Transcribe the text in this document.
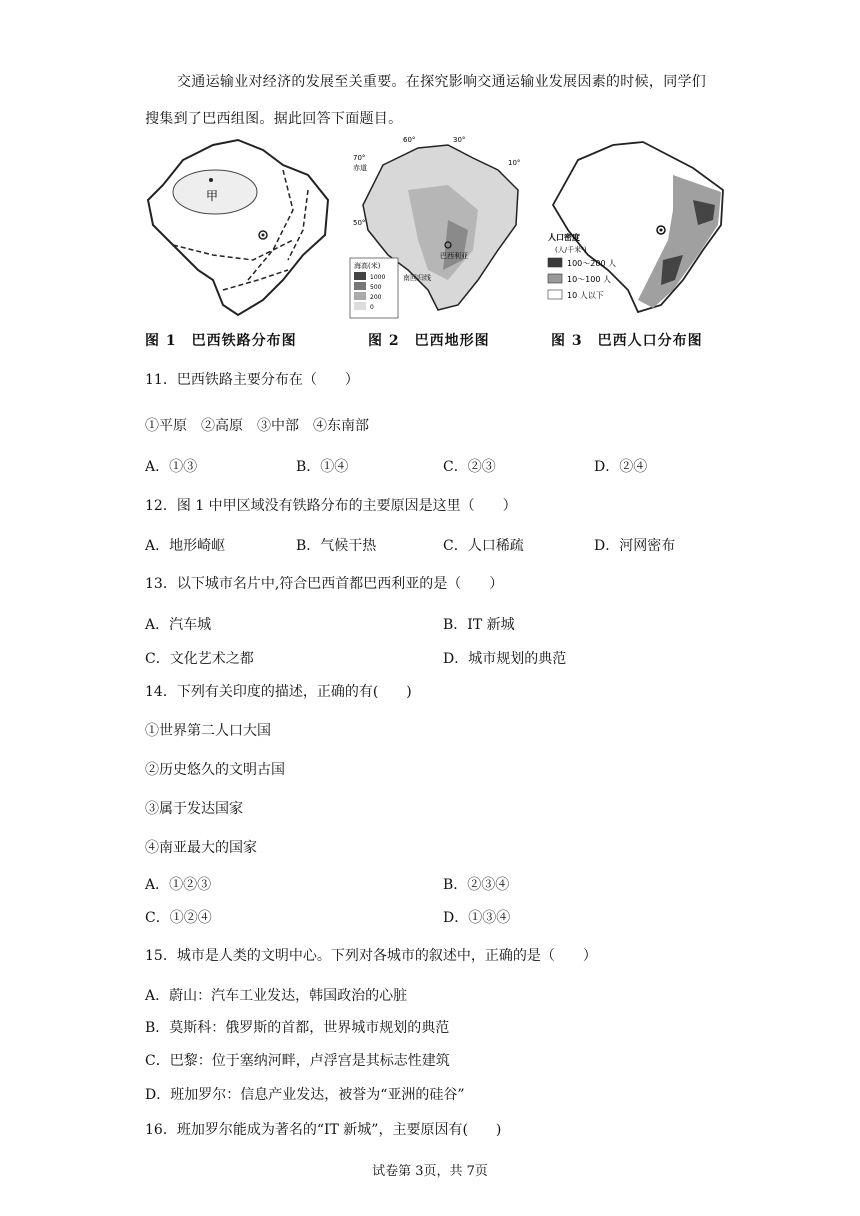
交通运输业对经济的发展至关重要。在探究影响交通运输业发展因素的时候，同学们搜集到了巴西组图。据此回答下面题目。
甲
图 1　巴西铁路分布图
60°	30°
赤道
70°
10°
50°
巴西利亚
南回归线
海高(米)
1000
500
200
0
图 2　巴西地形图
人口密度
(人/千米²)
100～200 人
10～100 人
10 人以下
图 3　巴西人口分布图
11．巴西铁路主要分布在（　　）
①平原　②高原　③中部　④东南部
A．①③	B．①④	C．②③	D．②④
12．图 1 中甲区域没有铁路分布的主要原因是这里（　　）
A．地形崎岖	B．气候干热	C．人口稀疏	D．河网密布
13．以下城市名片中,符合巴西首都巴西利亚的是（　　）
A．汽车城	B．IT 新城
C．文化艺术之都	D．城市规划的典范
14．下列有关印度的描述，正确的有(　　)
①世界第二人口大国
②历史悠久的文明古国
③属于发达国家
④南亚最大的国家
A．①②③	B．②③④
C．①②④	D．①③④
15．城市是人类的文明中心。下列对各城市的叙述中，正确的是（　　）
A．蔚山：汽车工业发达，韩国政治的心脏
B．莫斯科：俄罗斯的首都，世界城市规划的典范
C．巴黎：位于塞纳河畔，卢浮宫是其标志性建筑
D．班加罗尔：信息产业发达，被誉为“亚洲的硅谷”
16．班加罗尔能成为著名的“IT 新城”，主要原因有(　　)
试卷第 3页，共 7页
